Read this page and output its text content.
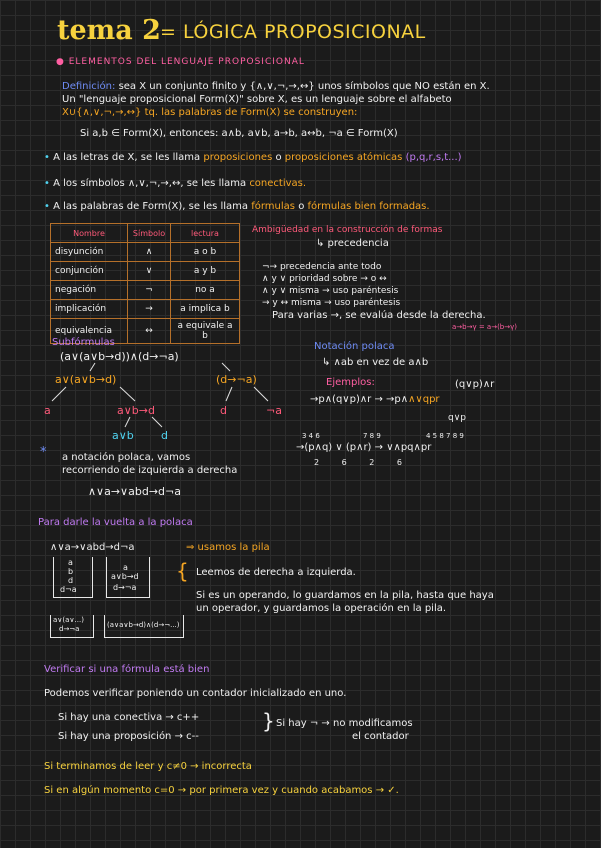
tema 2 = LÓGICA PROPOSICIONAL
● ELEMENTOS DEL LENGUAJE PROPOSICIONAL
Definición: sea X un conjunto finito y {∧,∨,¬,→,↔} unos símbolos que NO están en X.
Un "lenguaje proposicional Form(X)" sobre X, es un lenguaje sobre el alfabeto
X∪{∧,∨,¬,→,↔} tq. las palabras de Form(X) se construyen:
Si a,b ∈ Form(X), entonces: a∧b, a∨b, a→b, a↔b, ¬a ∈ Form(X)
• A las letras de X, se les llama proposiciones o proposiciones atómicas (p,q,r,s,t...)
• A los símbolos ∧,∨,¬,→,↔, se les llama conectivas.
• A las palabras de Form(X), se les llama fórmulas o fórmulas bien formadas.
Nombre	Símbolo	lectura
disyunción	∧	a o b
conjunción	∨	a y b
negación	¬	no a
implicación	→	a implica b
equivalencia	↔	a equivale a b
Ambigüedad en la construcción de formas
↳ precedencia
¬→ precedencia ante todo
∧ y ∨ prioridad sobre → o ↔
∧ y ∨ misma → uso paréntesis
→ y ↔ misma → uso paréntesis
Para varias →, se evalúa desde la derecha.
a→b→γ = a→(b→γ)
Subfórmulas
(a∨(a∨b→d))∧(d→¬a)
a∨(a∨b→d)	(d→¬a)
a	a∨b→d	d	¬a
a∨b d
Notación polaca
↳ ∧ab en vez de a∧b
Ejemplos:	(q∨p)∧r
→p∧(q∨p)∧r → →p∧∧∨qpr
q∨p
3 4 6	7 8 9	4 5 8 7 8 9
→(p∧q) ∨ (p∧r) → ∨∧pq∧pr
2 6 2 6
* a notación polaca, vamos
recorriendo de izquierda a derecha
∧∨a→∨abd→d¬a
Para darle la vuelta a la polaca
∧∨a→∨abd→d¬a	⇒ usamos la pila
a
b
d
d¬a
a
a∨b→d
d→¬a
{ Leemos de derecha a izquierda.
Si es un operando, lo guardamos en la pila, hasta que haya
un operador, y guardamos la operación en la pila.
a∨(a∨...)
d→¬a	(a∨a∨b→d)∧(d→¬...)
Verificar si una fórmula está bien
Podemos verificar poniendo un contador inicializado en uno.
Si hay una conectiva → c++
Si hay una proposición → c--
} Si hay ¬ → no modificamos
el contador
Si terminamos de leer y c≠0 → incorrecta
Si en algún momento c=0 → por primera vez y cuando acabamos → ✓.
